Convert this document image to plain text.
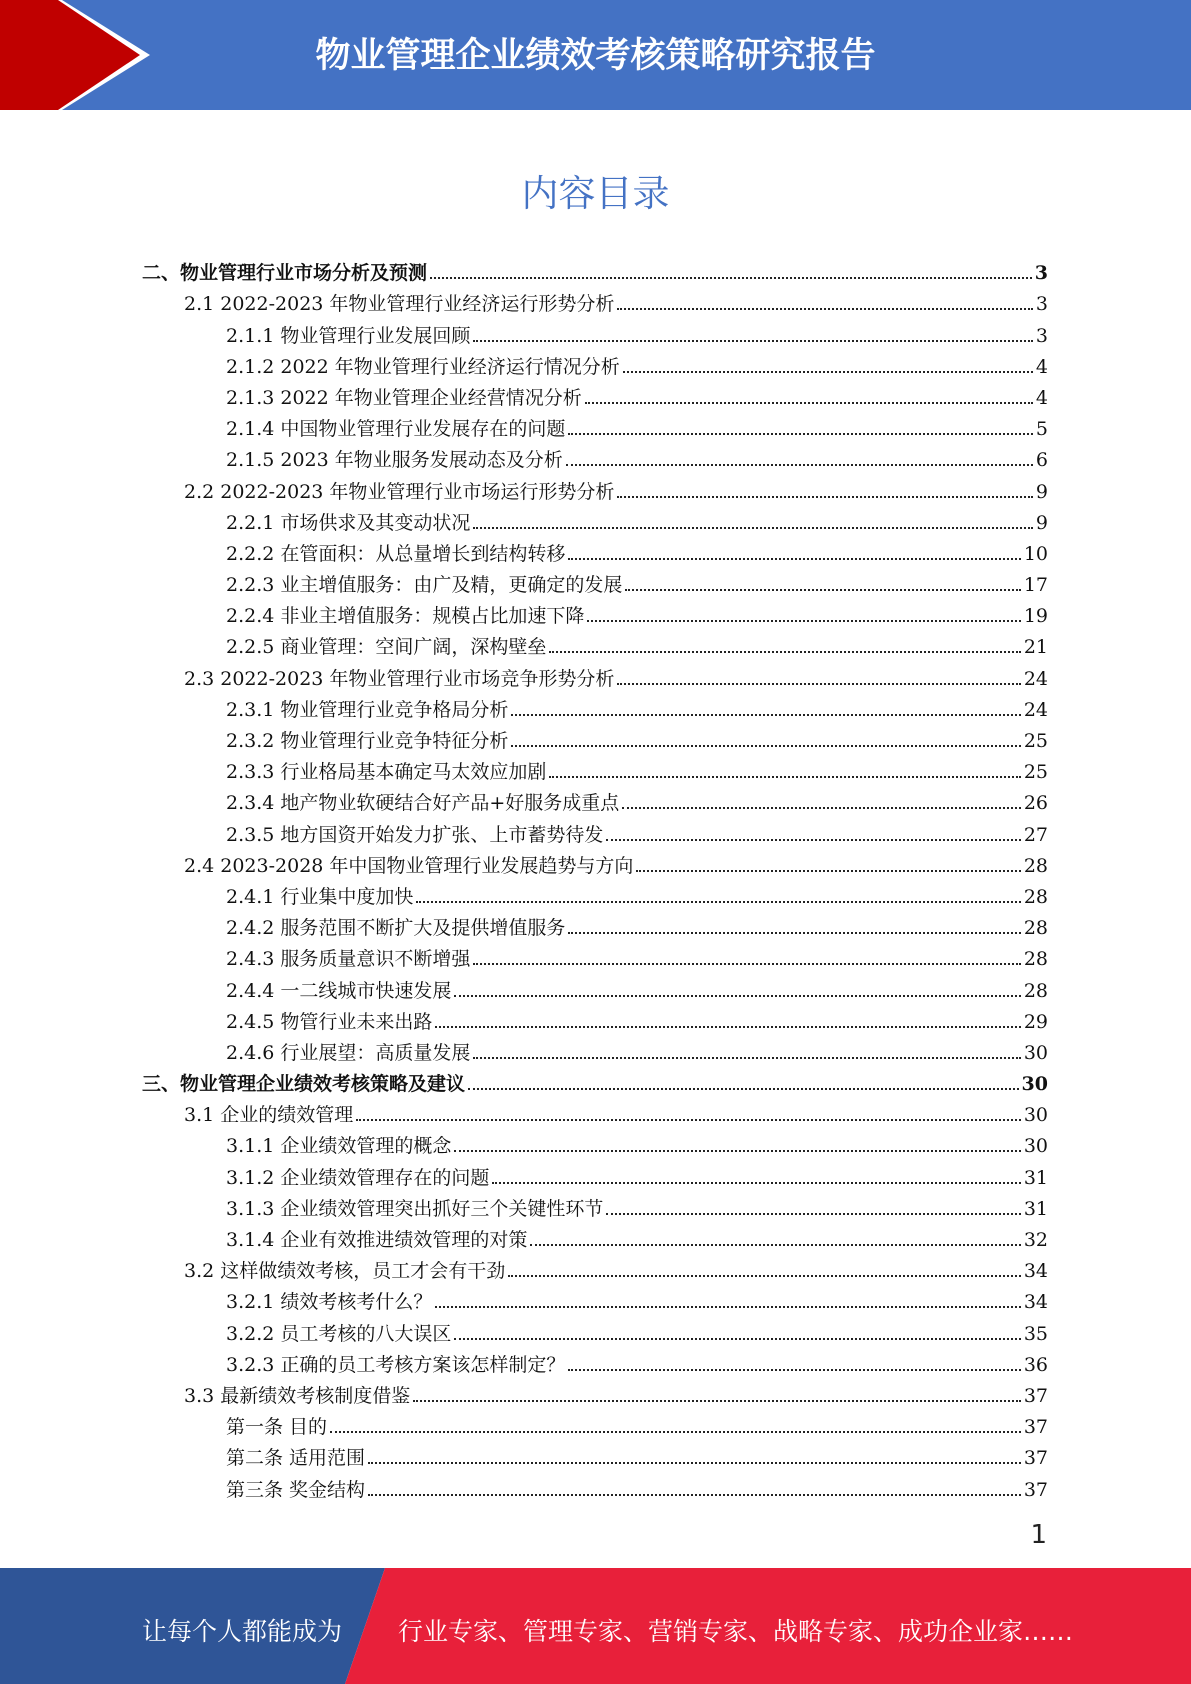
物业管理企业绩效考核策略研究报告
内容目录
二、物业管理行业市场分析及预测	3
2.1 2022-2023 年物业管理行业经济运行形势分析	3
2.1.1 物业管理行业发展回顾	3
2.1.2 2022 年物业管理行业经济运行情况分析	4
2.1.3 2022 年物业管理企业经营情况分析	4
2.1.4 中国物业管理行业发展存在的问题	5
2.1.5 2023 年物业服务发展动态及分析	6
2.2 2022-2023 年物业管理行业市场运行形势分析	9
2.2.1 市场供求及其变动状况	9
2.2.2 在管面积：从总量增长到结构转移	10
2.2.3 业主增值服务：由广及精，更确定的发展	17
2.2.4 非业主增值服务：规模占比加速下降	19
2.2.5 商业管理：空间广阔，深构壁垒	21
2.3 2022-2023 年物业管理行业市场竞争形势分析	24
2.3.1 物业管理行业竞争格局分析	24
2.3.2 物业管理行业竞争特征分析	25
2.3.3 行业格局基本确定马太效应加剧	25
2.3.4 地产物业软硬结合好产品+好服务成重点	26
2.3.5 地方国资开始发力扩张、上市蓄势待发	27
2.4 2023-2028 年中国物业管理行业发展趋势与方向	28
2.4.1 行业集中度加快	28
2.4.2 服务范围不断扩大及提供增值服务	28
2.4.3 服务质量意识不断增强	28
2.4.4 一二线城市快速发展	28
2.4.5 物管行业未来出路	29
2.4.6 行业展望：高质量发展	30
三、物业管理企业绩效考核策略及建议	30
3.1 企业的绩效管理	30
3.1.1 企业绩效管理的概念	30
3.1.2 企业绩效管理存在的问题	31
3.1.3 企业绩效管理突出抓好三个关键性环节	31
3.1.4 企业有效推进绩效管理的对策	32
3.2 这样做绩效考核，员工才会有干劲	34
3.2.1 绩效考核考什么？	34
3.2.2 员工考核的八大误区	35
3.2.3 正确的员工考核方案该怎样制定？	36
3.3 最新绩效考核制度借鉴	37
第一条 目的	37
第二条 适用范围	37
第三条 奖金结构	37
1
让每个人都能成为 行业专家、管理专家、营销专家、战略专家、成功企业家……
